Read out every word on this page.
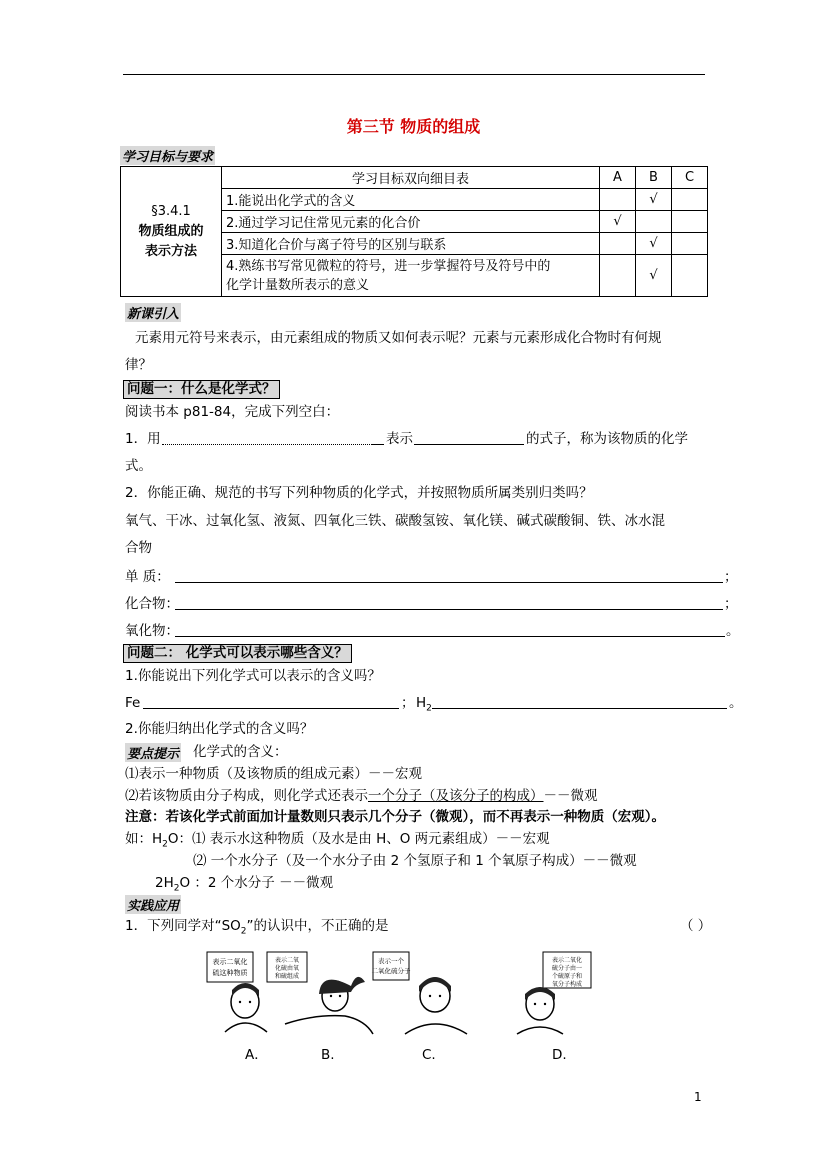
第三节 物质的组成
学习目标与要求
§3.4.1
物质组成的
表示方法	学习目标双向细目表	A	B	C
	1.能说出化学式的含义		√	
	2.通过学习记住常见元素的化合价	√		
	3.知道化合价与离子符号的区别与联系		√	

	4.熟练书写常见微粒的符号，进一步掌握符号及符号中的
化学计量数所表示的意义		√	
新课引入
元素用元符号来表示，由元素组成的物质又如何表示呢？元素与元素形成化合物时有何规
律？
问题一：什么是化学式？
阅读书本 p81-84，完成下列空白：
1．用	表示	的式子，称为该物质的化学
式。
2．你能正确、规范的书写下列种物质的化学式，并按照物质所属类别归类吗？
氧气、干冰、过氧化氢、液氮、四氧化三铁、碳酸氢铵、氧化镁、碱式碳酸铜、铁、冰水混
合物
单 质：	；
化合物：	；
氧化物：	。
问题二： 化学式可以表示哪些含义？
1.你能说出下列化学式可以表示的含义吗？
Fe	； $H_2$	。
2.你能归纳出化学式的含义吗？
要点提示 化学式的含义：
⑴表示一种物质（及该物质的组成元素）－－宏观
⑵若该物质由分子构成，则化学式还表示一个分子（及该分子的构成）－－微观
注意：若该化学式前面加计量数则只表示几个分子（微观），而不再表示一种物质（宏观）。
如：$H_2O$：⑴ 表示水这种物质（及水是由 H、O 两元素组成）－－宏观
⑵ 一个水分子（及一个水分子由 2 个氢原子和 1 个氧原子构成）－－微观
$2H_2O$ ：2 个水分子 －－微观
实践应用
1．下列同学对“$SO_2$”的认识中，不正确的是	（ ）
表示二氧化
硫这种物质
表示二氧
化硫由氧
和硫组成
表示一个
二氧化硫分子
表示二氧化
硫分子由一
个硫原子和
氧分子构成
A．	B.	C.	D.
1
